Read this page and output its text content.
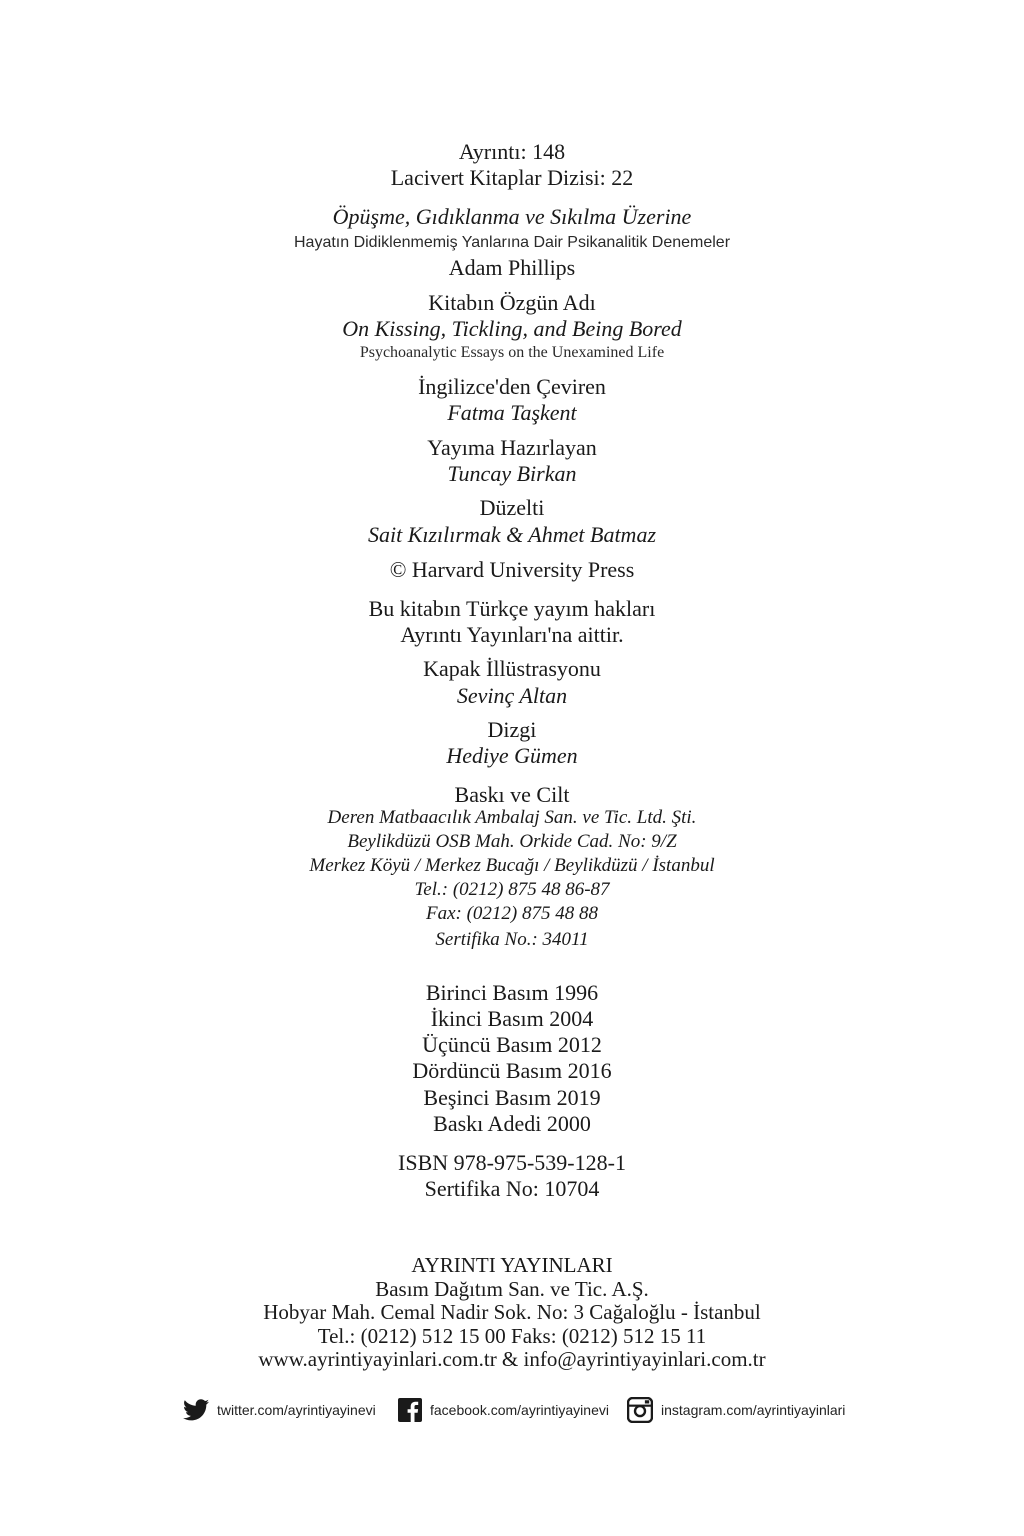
Ayrıntı: 148
Lacivert Kitaplar Dizisi: 22
Öpüşme, Gıdıklanma ve Sıkılma Üzerine
Hayatın Didiklenmemiş Yanlarına Dair Psikanalitik Denemeler
Adam Phillips
Kitabın Özgün Adı
On Kissing, Tickling, and Being Bored
Psychoanalytic Essays on the Unexamined Life
İngilizce'den Çeviren
Fatma Taşkent
Yayıma Hazırlayan
Tuncay Birkan
Düzelti
Sait Kızılırmak & Ahmet Batmaz
© Harvard University Press
Bu kitabın Türkçe yayım hakları
Ayrıntı Yayınları'na aittir.
Kapak İllüstrasyonu
Sevinç Altan
Dizgi
Hediye Gümen
Baskı ve Cilt
Deren Matbaacılık Ambalaj San. ve Tic. Ltd. Şti.
Beylikdüzü OSB Mah. Orkide Cad. No: 9/Z
Merkez Köyü / Merkez Bucağı / Beylikdüzü / İstanbul
Tel.: (0212) 875 48 86-87
Fax: (0212) 875 48 88
Sertifika No.: 34011
Birinci Basım 1996
İkinci Basım 2004
Üçüncü Basım 2012
Dördüncü Basım 2016
Beşinci Basım 2019
Baskı Adedi 2000
ISBN 978-975-539-128-1
Sertifika No: 10704
AYRINTI YAYINLARI
Basım Dağıtım San. ve Tic. A.Ş.
Hobyar Mah. Cemal Nadir Sok. No: 3 Cağaloğlu - İstanbul
Tel.: (0212) 512 15 00 Faks: (0212) 512 15 11
www.ayrintiyayinlari.com.tr & info@ayrintiyayinlari.com.tr
twitter.com/ayrintiyayinevi	facebook.com/ayrintiyayinevi	instagram.com/ayrintiyayinlari
